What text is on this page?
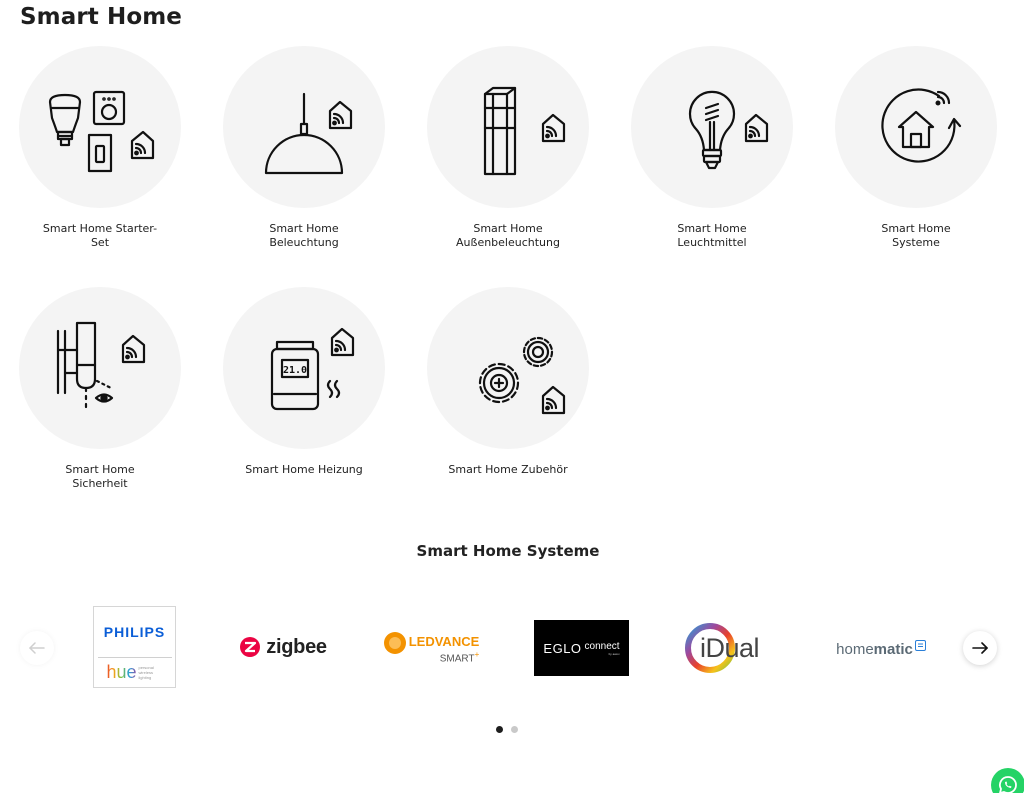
Smart Home
Smart Home Starter-Set
Smart Home Beleuchtung
Smart Home Außenbeleuchtung
Smart Home Leuchtmittel
Smart Home Systeme
Smart Home Sicherheit
21.0
Smart Home Heizung	Smart Home Zubehör
Smart Home Systeme
PHILIPS
hue personal wireless lighting
zigbee	LEDVANCE
SMART+	EGLO connect
by awox	iDual	home matic
